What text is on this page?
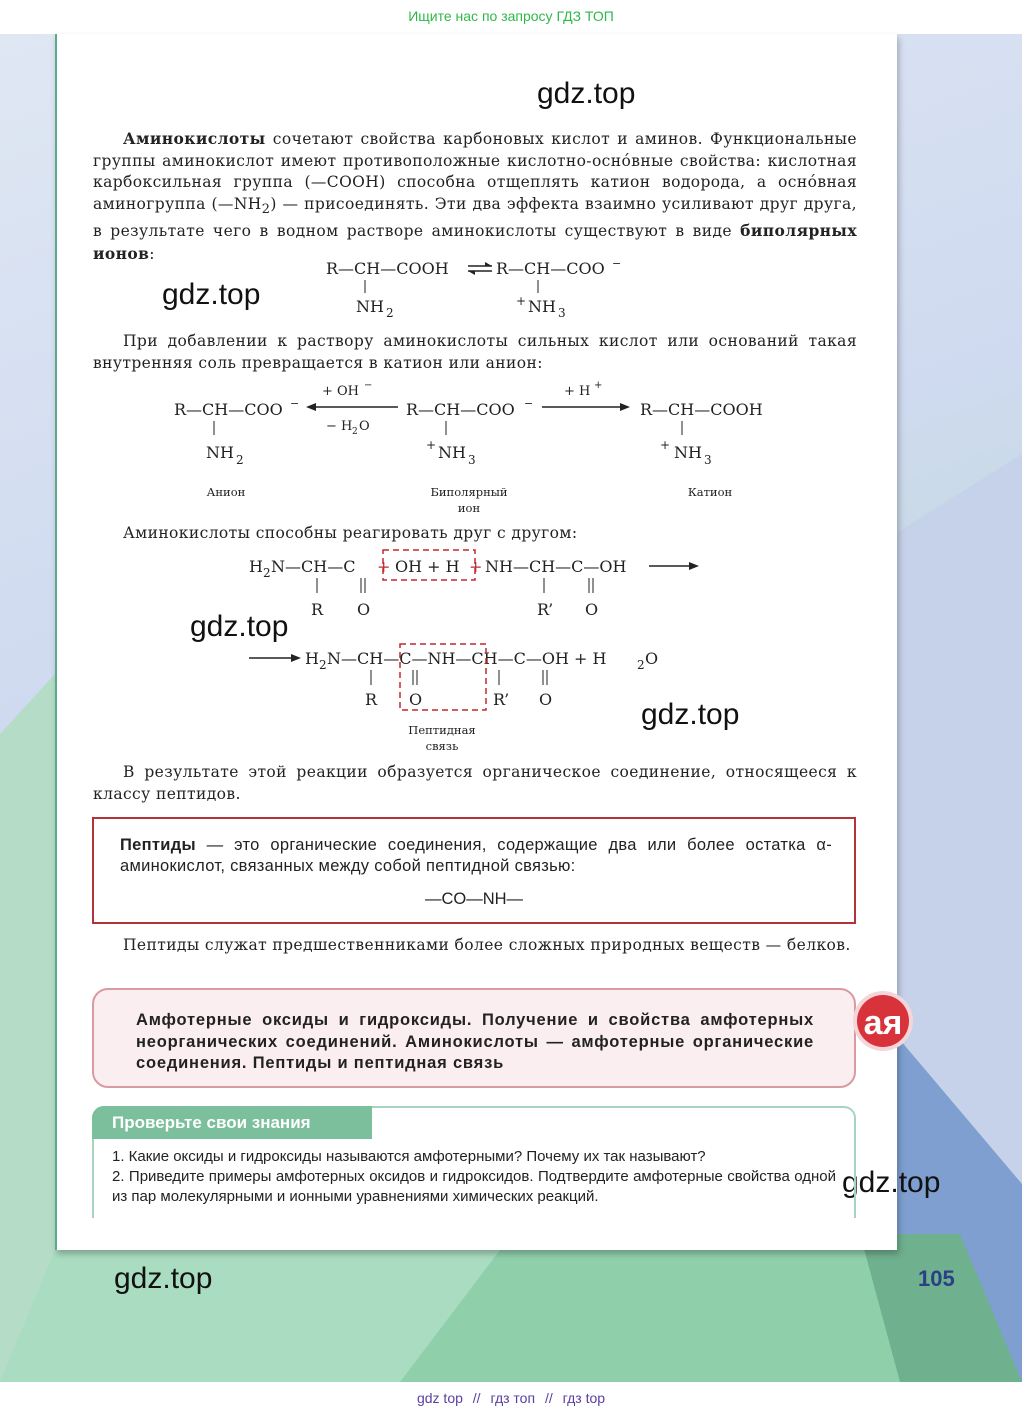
Ищите нас по запросу ГДЗ ТОП
gdz.top
gdz.top
gdz.top
gdz.top
gdz.top
gdz.top
Аминокислоты сочетают свойства карбоновых кислот и аминов. Функциональные группы аминокислот имеют противоположные кислотно-осно́вные свойства: кислотная карбоксильная группа (—COOH) способна отщеплять катион водорода, а осно́вная аминогруппа $(—NH_2)$ — присоединять. Эти два эффекта взаимно усиливают друг друга, в результате чего в водном растворе аминокислоты существуют в виде биполярных ионов:
R—CH—COOH	R—CH—COO −
NH 2
+ NH 3
При добавлении к раствору аминокислоты сильных кислот или оснований такая внутренняя соль превращается в катион или анион:
R—CH—COO −
NH 2
+ OH −
− H 2 O
R—CH—COO −
+ NH 3
+ H +
R—CH—COOH
+ NH 3
Анион	Биполярный
ион
Катион
Аминокислоты способны реагировать друг с другом:
H 2 N—CH—C + OH + H + NH—CH—C—OH
R O	R’ O
H 2 N—CH—C—NH—CH—C—OH + H	2 O
R O	R’ O
Пептидная
связь
В результате этой реакции образуется органическое соединение, относящееся к классу пептидов.
Пептиды — это органические соединения, содержащие два или более остатка α-аминокислот, связанных между собой пептидной связью:
—CO—NH—
Пептиды служат предшественниками более сложных природных веществ — белков.
Амфотерные оксиды и гидроксиды. Получение и свойства амфотерных неорганических соединений. Аминокислоты — амфотерные органические соединения. Пептиды и пептидная связь
ая
Проверьте свои знания
1. Какие оксиды и гидроксиды называются амфотерными? Почему их так называют?
2. Приведите примеры амфотерных оксидов и гидроксидов. Подтвердите амфотерные свойства одной из пар молекулярными и ионными уравнениями химических реакций.
105
gdz top // гдз топ // гдз top
